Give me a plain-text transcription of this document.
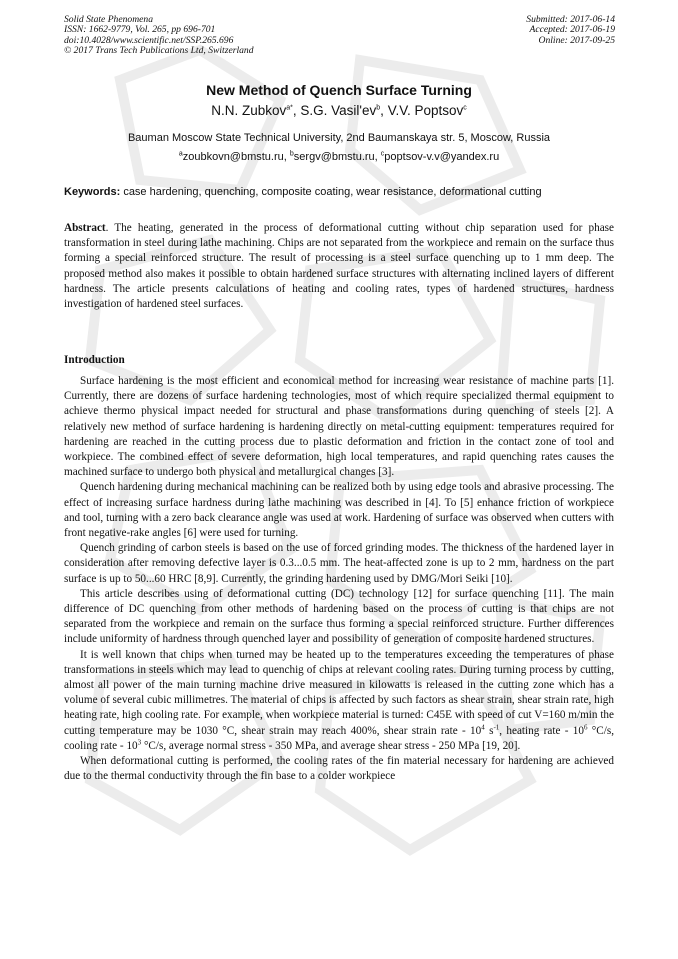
Solid State Phenomena
ISSN: 1662-9779, Vol. 265, pp 696-701
doi:10.4028/www.scientific.net/SSP.265.696
© 2017 Trans Tech Publications Ltd, Switzerland
Submitted: 2017-06-14
Accepted: 2017-06-19
Online: 2017-09-25
New Method of Quench Surface Turning
N.N. Zubkov$^{a*}$, S.G. $Vasil'ev^b$, V.V. Poptsov$^c$
Bauman Moscow State Technical University, 2nd Baumanskaya str. 5, Moscow, Russia
$^a$zoubkovn@bmstu.ru, $^b$sergv@bmstu.ru, $^c$poptsov-v.v@yandex.ru
Keywords: case hardening, quenching, composite coating, wear resistance, deformational cutting
Abstract. The heating, generated in the process of deformational cutting without chip separation used for phase transformation in steel during lathe machining. Chips are not separated from the workpiece and remain on the surface thus forming a special reinforced structure. The result of processing is a steel surface quenching up to 1 mm deep. The proposed method also makes it possible to obtain hardened surface structures with alternating inclined layers of different hardness. The article presents calculations of heating and cooling rates, types of hardened structures, hardness investigation of hardened steel surfaces.
Introduction

Surface hardening is the most efficient and economical method for increasing wear resistance of machine parts [1]. Currently, there are dozens of surface hardening technologies, most of which require specialized thermal equipment to achieve thermo physical impact needed for structural and phase transformations during quenching of steels [2]. A relatively new method of surface hardening is hardening directly on metal-cutting equipment: temperatures required for hardening are reached in the cutting process due to plastic deformation and friction in the contact zone of tool and workpiece. The combined effect of severe deformation, high local temperatures, and rapid quenching rates causes the machined surface to undergo both physical and metallurgical changes [3].

Quench hardening during mechanical machining can be realized both by using edge tools and abrasive processing. The effect of increasing surface hardness during lathe machining was described in [4]. To [5] enhance friction of workpiece and tool, turning with a zero back clearance angle was used at work. Hardening of surface was observed when cutters with front negative-rake angles [6] were used for turning.

Quench grinding of carbon steels is based on the use of forced grinding modes. The thickness of the hardened layer in consideration after removing defective layer is 0.3...0.5 mm. The heat-affected zone is up to 2 mm, hardness on the part surface is up to 50...60 HRC [8,9]. Currently, the grinding hardening used by DMG/Mori Seiki [10].

This article describes using of deformational cutting (DC) technology [12] for surface quenching [11]. The main difference of DC quenching from other methods of hardening based on the process of cutting is that chips are not separated from the workpiece and remain on the surface thus forming a special reinforced structure. Further differences include uniformity of hardness through quenched layer and possibility of generation of composite hardened structures.

It is well known that chips when turned may be heated up to the temperatures exceeding the temperatures of phase transformations in steels which may lead to quenchig of chips at relevant cooling rates. During turning process by cutting, almost all power of the main turning machine drive measured in kilowatts is released in the cutting zone which has a volume of several cubic millimetres. The material of chips is affected by such factors as shear strain, shear strain rate, high heating rate, high cooling rate. For example, when workpiece material is turned: C45E with speed of cut V=160 m/min the cutting temperature may be 1030 °C, shear strain may reach 400%, shear strain rate - $10^4$ $s^{-1}$, heating rate - $10^6$ °C/s, cooling rate - $10^3$ °C/s, average normal stress - 350 MPa, and average shear stress - 250 MPa [19, 20].

When deformational cutting is performed, the cooling rates of the fin material necessary for hardening are achieved due to the thermal conductivity through the fin base to a colder workpiece
